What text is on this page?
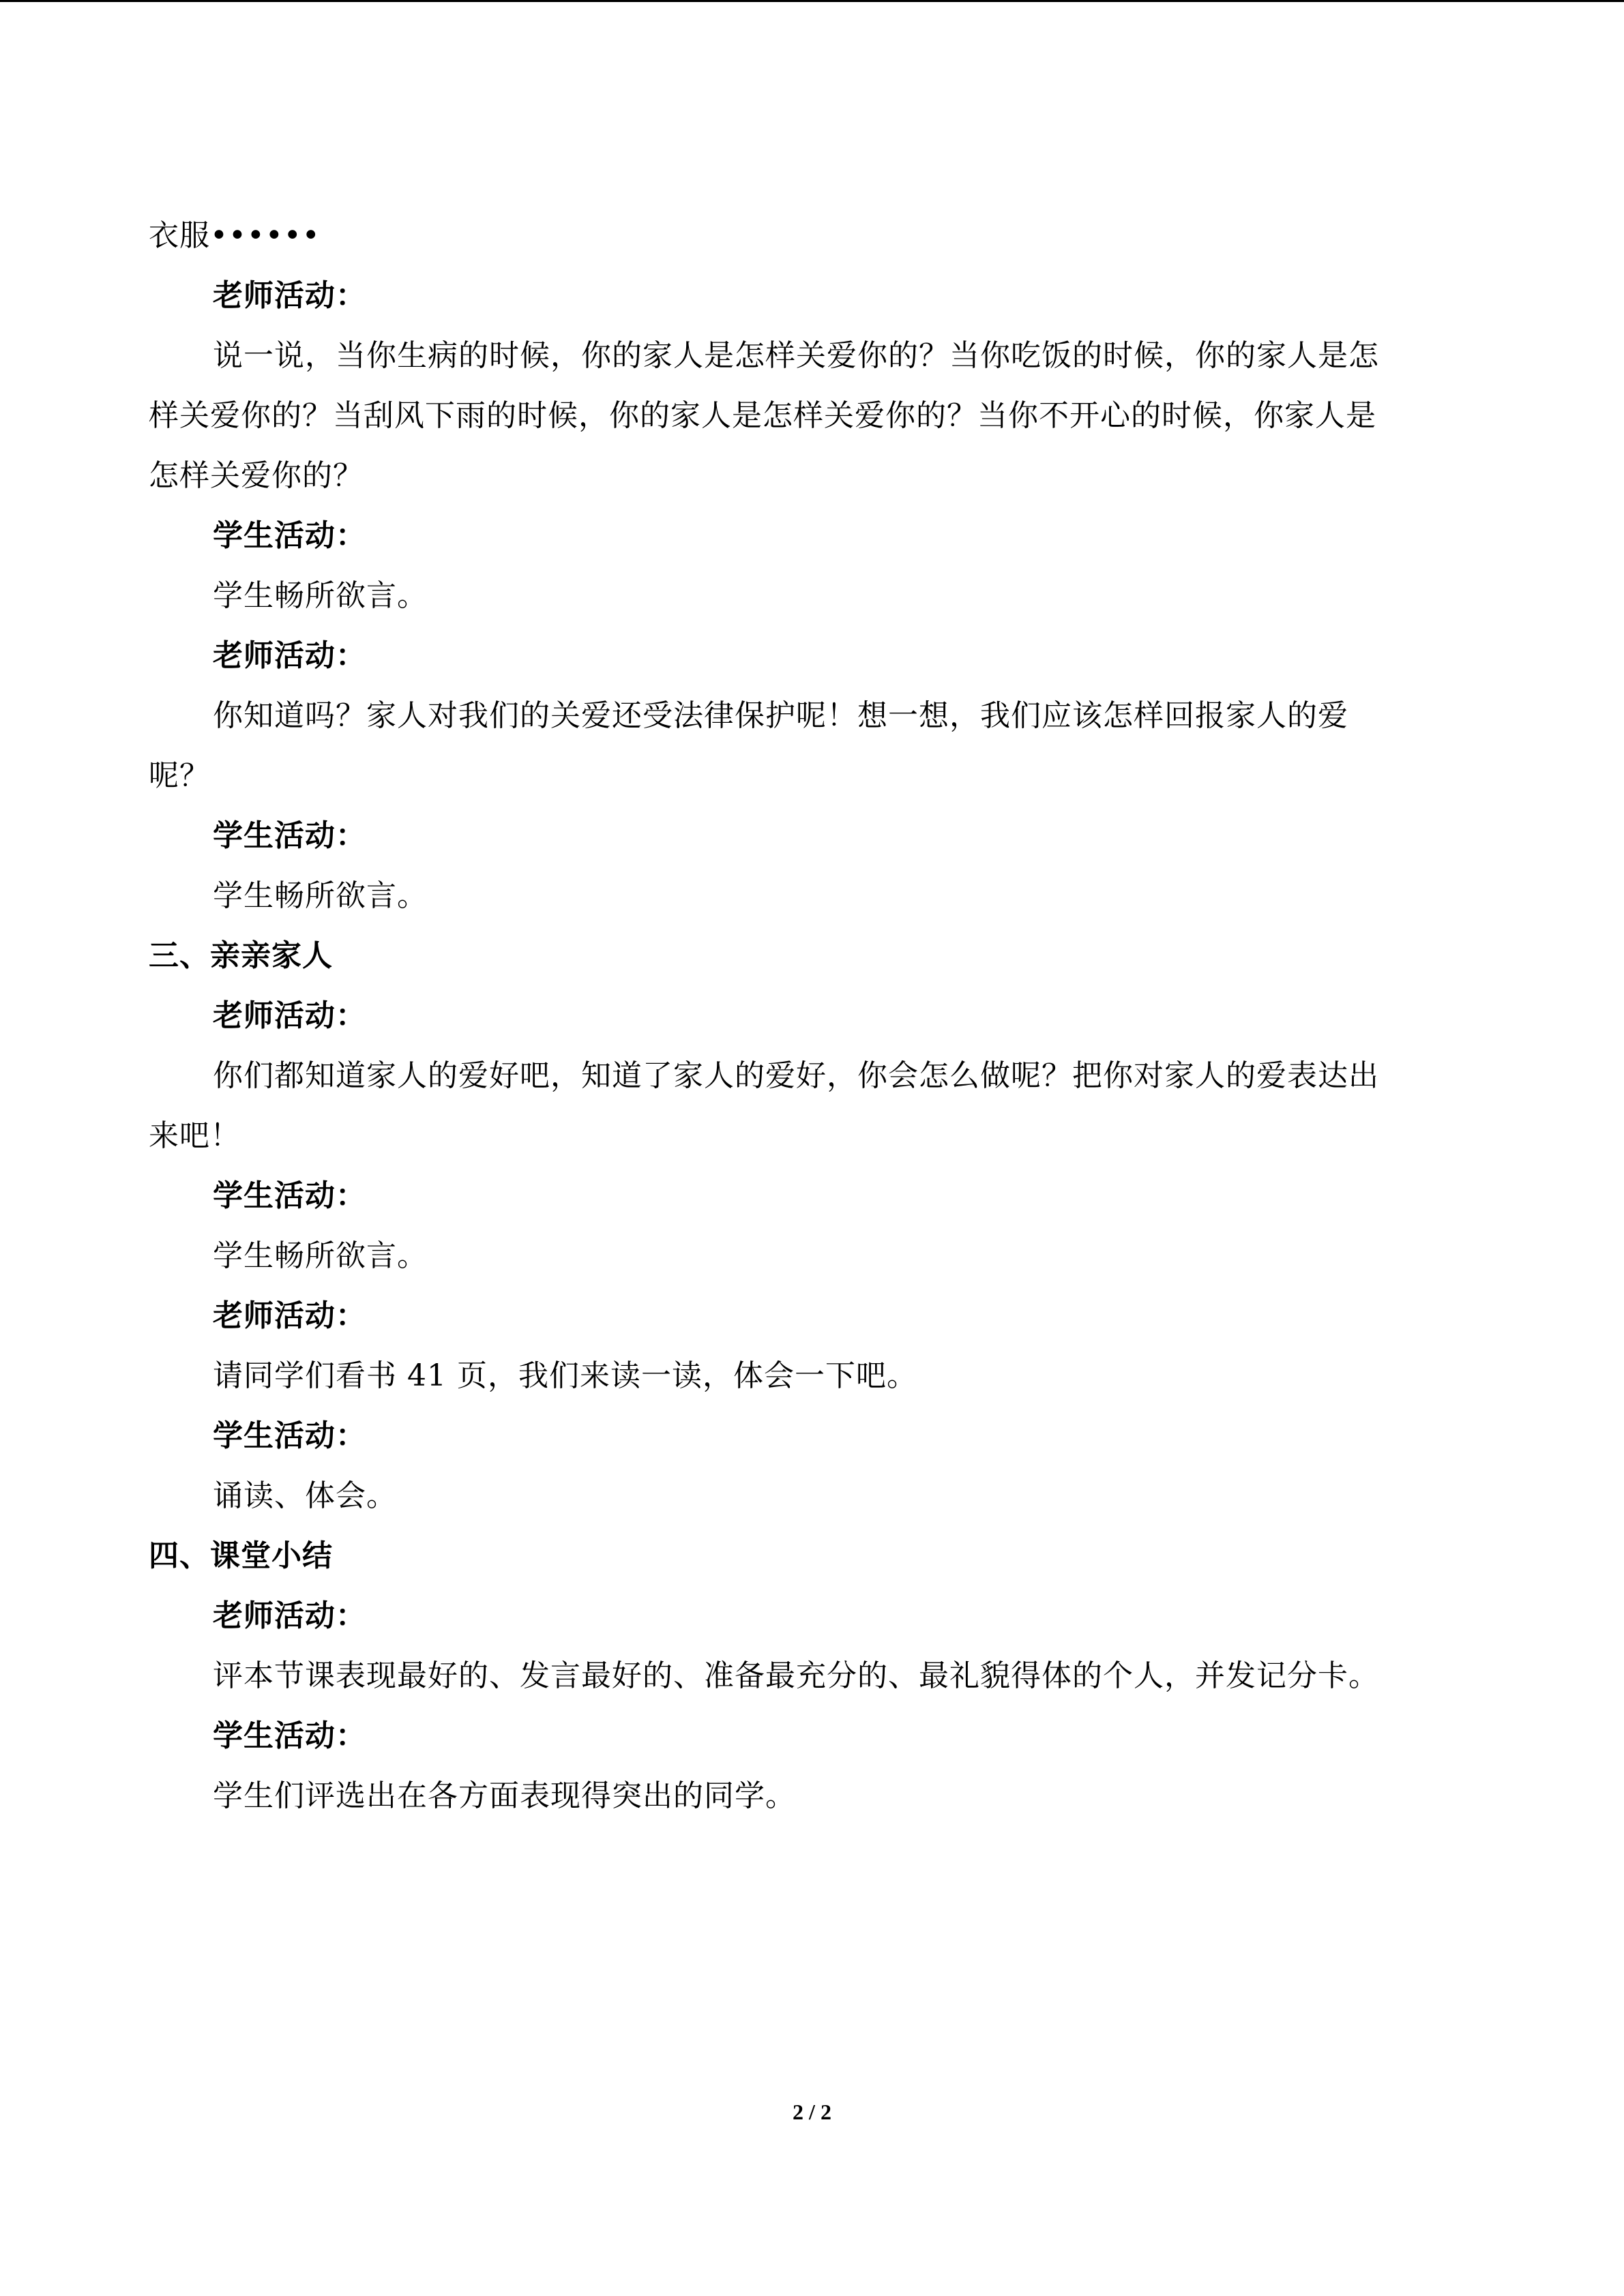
衣服••••••
老师活动：
说一说，当你生病的时候，你的家人是怎样关爱你的？当你吃饭的时候，你的家人是怎
样关爱你的？当刮风下雨的时候，你的家人是怎样关爱你的？当你不开心的时候，你家人是
怎样关爱你的？
学生活动：
学生畅所欲言。
老师活动：
你知道吗？家人对我们的关爱还受法律保护呢！想一想，我们应该怎样回报家人的爱
呢？
学生活动：
学生畅所欲言。
三、亲亲家人
老师活动：
你们都知道家人的爱好吧，知道了家人的爱好，你会怎么做呢？把你对家人的爱表达出
来吧！
学生活动：
学生畅所欲言。
老师活动：
请同学们看书 41 页，我们来读一读，体会一下吧。
学生活动：
诵读、体会。
四、课堂小结
老师活动：
评本节课表现最好的、发言最好的、准备最充分的、最礼貌得体的个人，并发记分卡。
学生活动：
学生们评选出在各方面表现得突出的同学。
2 / 2
